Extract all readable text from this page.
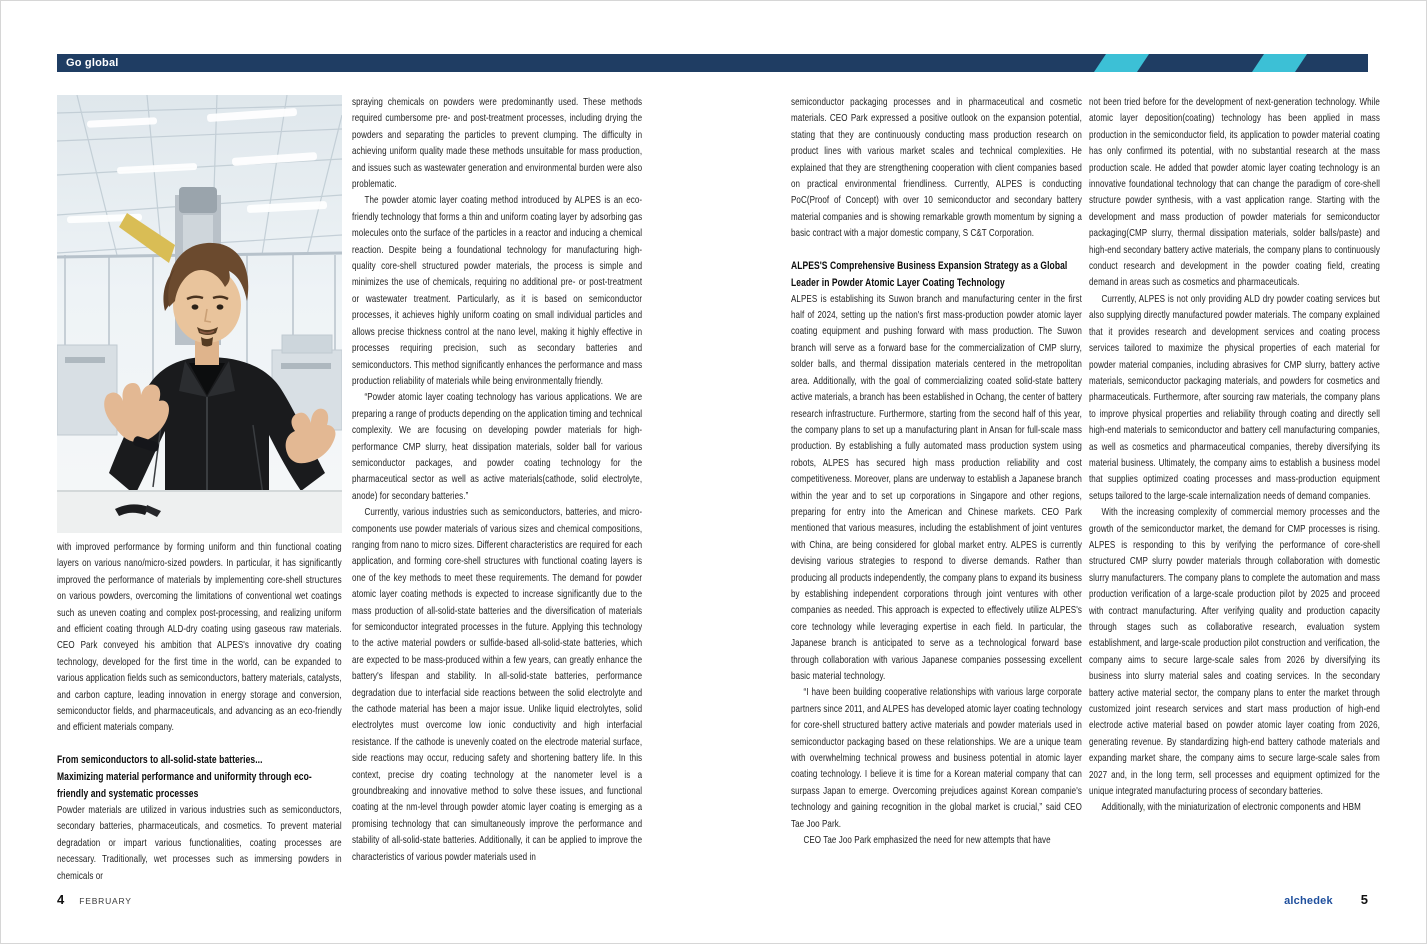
Go global

with improved performance by forming uniform and thin functional coating layers on various nano/micro-sized powders. In particular, it has significantly improved the performance of materials by implementing core-shell structures on various powders, overcoming the limitations of conventional wet coatings such as uneven coating and complex post-processing, and realizing uniform and efficient coating through ALD-dry coating using gaseous raw materials. CEO Park conveyed his ambition that ALPES's innovative dry coating technology, developed for the first time in the world, can be expanded to various application fields such as semiconductors, battery materials, catalysts, and carbon capture, leading innovation in energy storage and conversion, semiconductor fields, and pharmaceuticals, and advancing as an eco-friendly and efficient materials company.

From semiconductors to all-solid-state batteries...
Maximizing material performance and uniformity through eco-friendly and systematic processes

Powder materials are utilized in various industries such as semiconductors, secondary batteries, pharmaceuticals, and cosmetics. To prevent material degradation or impart various functionalities, coating processes are necessary. Traditionally, wet processes such as immersing powders in chemicals or

spraying chemicals on powders were predominantly used. These methods required cumbersome pre- and post-treatment processes, including drying the powders and separating the particles to prevent clumping. The difficulty in achieving uniform quality made these methods unsuitable for mass production, and issues such as wastewater generation and environmental burden were also problematic.

The powder atomic layer coating method introduced by ALPES is an eco-friendly technology that forms a thin and uniform coating layer by adsorbing gas molecules onto the surface of the particles in a reactor and inducing a chemical reaction. Despite being a foundational technology for manufacturing high-quality core-shell structured powder materials, the process is simple and minimizes the use of chemicals, requiring no additional pre- or post-treatment or wastewater treatment. Particularly, as it is based on semiconductor processes, it achieves highly uniform coating on small individual particles and allows precise thickness control at the nano level, making it highly effective in processes requiring precision, such as secondary batteries and semiconductors. This method significantly enhances the performance and mass production reliability of materials while being environmentally friendly.

“Powder atomic layer coating technology has various applications. We are preparing a range of products depending on the application timing and technical complexity. We are focusing on developing powder materials for high-performance CMP slurry, heat dissipation materials, solder ball for various semiconductor packages, and powder coating technology for the pharmaceutical sector as well as active materials(cathode, solid electrolyte, anode) for secondary batteries.”

Currently, various industries such as semiconductors, batteries, and micro-components use powder materials of various sizes and chemical compositions, ranging from nano to micro sizes. Different characteristics are required for each application, and forming core-shell structures with functional coating layers is one of the key methods to meet these requirements. The demand for powder atomic layer coating methods is expected to increase significantly due to the mass production of all-solid-state batteries and the diversification of materials for semiconductor integrated processes in the future. Applying this technology to the active material powders or sulfide-based all-solid-state batteries, which are expected to be mass-produced within a few years, can greatly enhance the battery's lifespan and stability. In all-solid-state batteries, performance degradation due to interfacial side reactions between the solid electrolyte and the cathode material has been a major issue. Unlike liquid electrolytes, solid electrolytes must overcome low ionic conductivity and high interfacial resistance. If the cathode is unevenly coated on the electrode material surface, side reactions may occur, reducing safety and shortening battery life. In this context, precise dry coating technology at the nanometer level is a groundbreaking and innovative method to solve these issues, and functional coating at the nm-level through powder atomic layer coating is emerging as a promising technology that can simultaneously improve the performance and stability of all-solid-state batteries. Additionally, it can be applied to improve the characteristics of various powder materials used in

semiconductor packaging processes and in pharmaceutical and cosmetic materials. CEO Park expressed a positive outlook on the expansion potential, stating that they are continuously conducting mass production research on product lines with various market scales and technical complexities. He explained that they are strengthening cooperation with client companies based on practical environmental friendliness. Currently, ALPES is conducting PoC(Proof of Concept) with over 10 semiconductor and secondary battery material companies and is showing remarkable growth momentum by signing a basic contract with a major domestic company, S C&T Corporation.

ALPES'S Comprehensive Business Expansion Strategy as a Global Leader in Powder Atomic Layer Coating Technology

ALPES is establishing its Suwon branch and manufacturing center in the first half of 2024, setting up the nation's first mass-production powder atomic layer coating equipment and pushing forward with mass production. The Suwon branch will serve as a forward base for the commercialization of CMP slurry, solder balls, and thermal dissipation materials centered in the metropolitan area. Additionally, with the goal of commercializing coated solid-state battery active materials, a branch has been established in Ochang, the center of battery research infrastructure. Furthermore, starting from the second half of this year, the company plans to set up a manufacturing plant in Ansan for full-scale mass production. By establishing a fully automated mass production system using robots, ALPES has secured high mass production reliability and cost competitiveness. Moreover, plans are underway to establish a Japanese branch within the year and to set up corporations in Singapore and other regions, preparing for entry into the American and Chinese markets. CEO Park mentioned that various measures, including the establishment of joint ventures with China, are being considered for global market entry. ALPES is currently devising various strategies to respond to diverse demands. Rather than producing all products independently, the company plans to expand its business by establishing independent corporations through joint ventures with other companies as needed. This approach is expected to effectively utilize ALPES's core technology while leveraging expertise in each field. In particular, the Japanese branch is anticipated to serve as a technological forward base through collaboration with various Japanese companies possessing excellent basic material technology.

“I have been building cooperative relationships with various large corporate partners since 2011, and ALPES has developed atomic layer coating technology for core-shell structured battery active materials and powder materials used in semiconductor packaging based on these relationships. We are a unique team with overwhelming technical prowess and business potential in atomic layer coating technology. I believe it is time for a Korean material company that can surpass Japan to emerge. Overcoming prejudices against Korean companie's technology and gaining recognition in the global market is crucial,” said CEO Tae Joo Park.

CEO Tae Joo Park emphasized the need for new attempts that have

not been tried before for the development of next-generation technology. While atomic layer deposition(coating) technology has been applied in mass production in the semiconductor field, its application to powder material coating has only confirmed its potential, with no substantial research at the mass production scale. He added that powder atomic layer coating technology is an innovative foundational technology that can change the paradigm of core-shell structure powder synthesis, with a vast application range. Starting with the development and mass production of powder materials for semiconductor packaging(CMP slurry, thermal dissipation materials, solder balls/paste) and high-end secondary battery active materials, the company plans to continuously conduct research and development in the powder coating field, creating demand in areas such as cosmetics and pharmaceuticals.

Currently, ALPES is not only providing ALD dry powder coating services but also supplying directly manufactured powder materials. The company explained that it provides research and development services and coating process services tailored to maximize the physical properties of each material for powder material companies, including abrasives for CMP slurry, battery active materials, semiconductor packaging materials, and powders for cosmetics and pharmaceuticals. Furthermore, after sourcing raw materials, the company plans to improve physical properties and reliability through coating and directly sell high-end materials to semiconductor and battery cell manufacturing companies, as well as cosmetics and pharmaceutical companies, thereby diversifying its material business. Ultimately, the company aims to establish a business model that supplies optimized coating processes and mass-production equipment setups tailored to the large-scale internalization needs of demand companies.

With the increasing complexity of commercial memory processes and the growth of the semiconductor market, the demand for CMP processes is rising. ALPES is responding to this by verifying the performance of core-shell structured CMP slurry powder materials through collaboration with domestic slurry manufacturers. The company plans to complete the automation and mass production verification of a large-scale production pilot by 2025 and proceed with contract manufacturing. After verifying quality and production capacity through stages such as collaborative research, evaluation system establishment, and large-scale production pilot construction and verification, the company aims to secure large-scale sales from 2026 by diversifying its business into slurry material sales and coating services. In the secondary battery active material sector, the company plans to enter the market through customized joint research services and start mass production of high-end electrode active material based on powder atomic layer coating from 2026, generating revenue. By standardizing high-end battery cathode materials and expanding market share, the company aims to secure large-scale sales from 2027 and, in the long term, sell processes and equipment optimized for the unique integrated manufacturing process of secondary batteries.

Additionally, with the miniaturization of electronic components and HBM

4 FEBRUARY	alchedek 5
